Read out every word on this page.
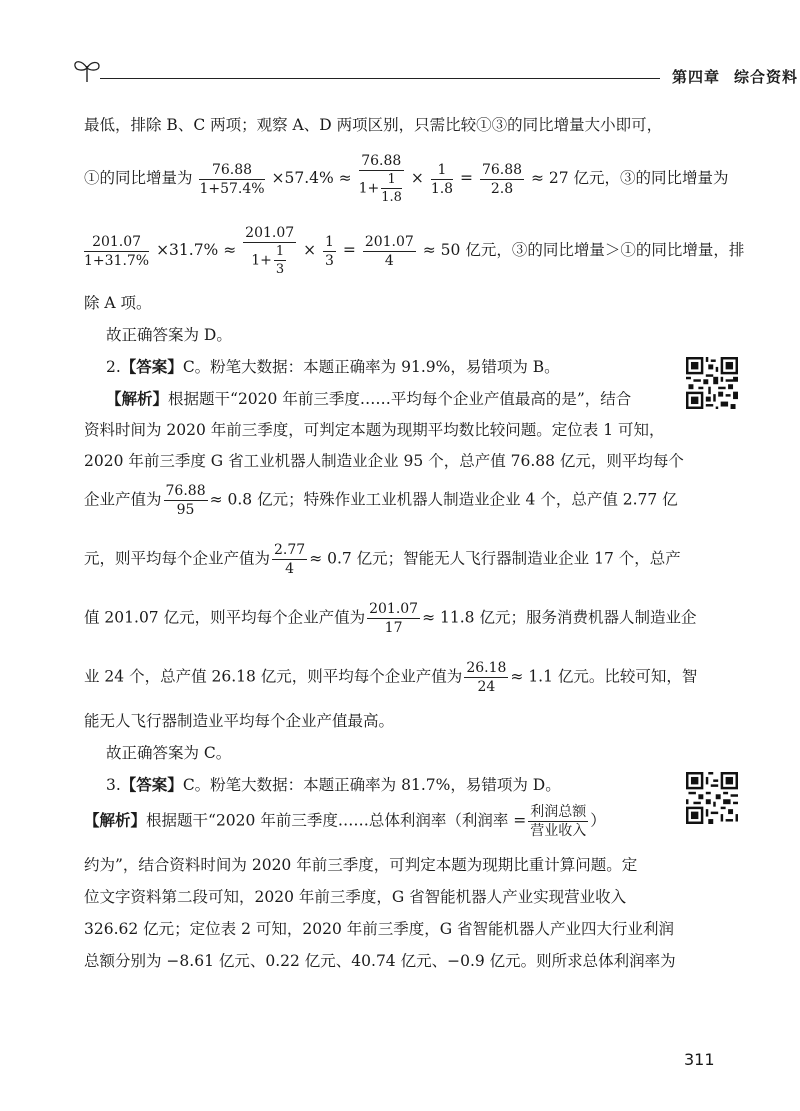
第四章 综合资料
最低，排除 B、C 两项；观察 A、D 两项区别，只需比较①③的同比增量大小即可，
①的同比增量为 $\frac{76.88}{1+57.4\%} \times 57.4\% \approx \frac{76.88}{1+ \frac{1}{1.8}} \times \frac{1}{1.8} = \frac{76.88}{2.8} \approx 27$ 亿元，③的同比增量为
$\frac{201.07}{1+31.7\%} \times 31.7\% \approx \frac{201.07}{1+ \frac{1}{3}} \times \frac{1}{3} = \frac{201.07}{4} \approx 50$ 亿元，③的同比增量＞①的同比增量，排
除 A 项。
故正确答案为 D。
2.【答案】C。粉笔大数据：本题正确率为 91.9%，易错项为 B。
【解析】根据题干“2020 年前三季度……平均每个企业产值最高的是”，结合
资料时间为 2020 年前三季度，可判定本题为现期平均数比较问题。定位表 1 可知，
2020 年前三季度 G 省工业机器人制造业企业 95 个，总产值 76.88 亿元，则平均每个
企业产值为 $\frac{76.88}{95} \approx 0.8$ 亿元；特殊作业工业机器人制造业企业 4 个，总产值 2.77 亿
元，则平均每个企业产值为 $\frac{2.77}{4} \approx 0.7$ 亿元；智能无人飞行器制造业企业 17 个，总产
值 201.07 亿元，则平均每个企业产值为 $\frac{201.07}{17} \approx 11.8$ 亿元；服务消费机器人制造业企
业 24 个，总产值 26.18 亿元，则平均每个企业产值为 $\frac{26.18}{24} \approx 1.1$ 亿元。比较可知，智
能无人飞行器制造业平均每个企业产值最高。
故正确答案为 C。
3.【答案】C。粉笔大数据：本题正确率为 81.7%，易错项为 D。
【解析】根据题干“2020 年前三季度……总体利润率（利润率 = $\frac{\text{利润总额}}{\text{营业收入}}$ ）
约为”，结合资料时间为 2020 年前三季度，可判定本题为现期比重计算问题。定
位文字资料第二段可知，2020 年前三季度，G 省智能机器人产业实现营业收入
326.62 亿元；定位表 2 可知，2020 年前三季度，G 省智能机器人产业四大行业利润
总额分别为 −8.61 亿元、0.22 亿元、40.74 亿元、−0.9 亿元。则所求总体利润率为
311
